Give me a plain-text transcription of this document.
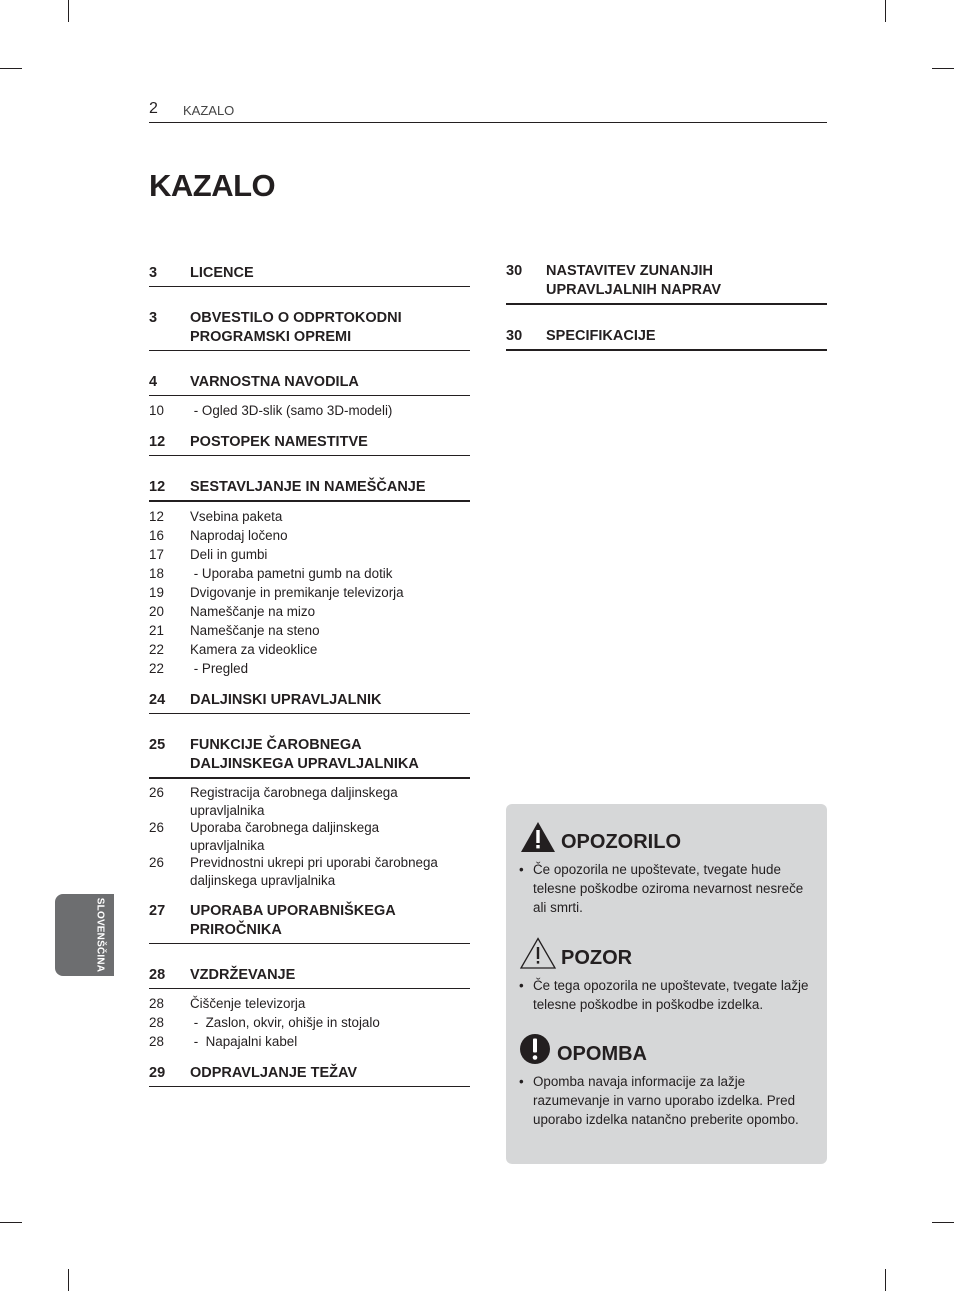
2 KAZALO
KAZALO
3	LICENCE
3	OBVESTILO O ODPRTOKODNI
PROGRAMSKI OPREMI
4	VARNOSTNA NAVODILA
10	- Ogled 3D-slik (samo 3D-modeli)
12	POSTOPEK NAMESTITVE
12	SESTAVLJANJE IN NAMEŠČANJE
12	Vsebina paketa
16	Naprodaj ločeno
17	Deli in gumbi
18	- Uporaba pametni gumb na dotik
19	Dvigovanje in premikanje televizorja
20	Nameščanje na mizo
21	Nameščanje na steno
22	Kamera za videoklice
22	- Pregled
24	DALJINSKI UPRAVLJALNIK
25	FUNKCIJE ČAROBNEGA
DALJINSKEGA UPRAVLJALNIKA
26	Registracija čarobnega daljinskega
upravljalnika
26	Uporaba čarobnega daljinskega
upravljalnika
26	Previdnostni ukrepi pri uporabi čarobnega
daljinskega upravljalnika
27	UPORABA UPORABNIŠKEGA
PRIROČNIKA
28	VZDRŽEVANJE
28	Čiščenje televizorja
28	-  Zaslon, okvir, ohišje in stojalo
28	-  Napajalni kabel
29	ODPRAVLJANJE TEŽAV
30	NASTAVITEV ZUNANJIH
UPRAVLJALNIH NAPRAV
30	SPECIFIKACIJE
SLOVENŠČINA
OPOZORILO
• Če opozorila ne upoštevate, tvegate hude telesne poškodbe oziroma nevarnost nesreče ali smrti.
POZOR
• Če tega opozorila ne upoštevate, tvegate lažje telesne poškodbe in poškodbe izdelka.
OPOMBA
• Opomba navaja informacije za lažje razumevanje in varno uporabo izdelka. Pred uporabo izdelka natančno preberite opombo.
